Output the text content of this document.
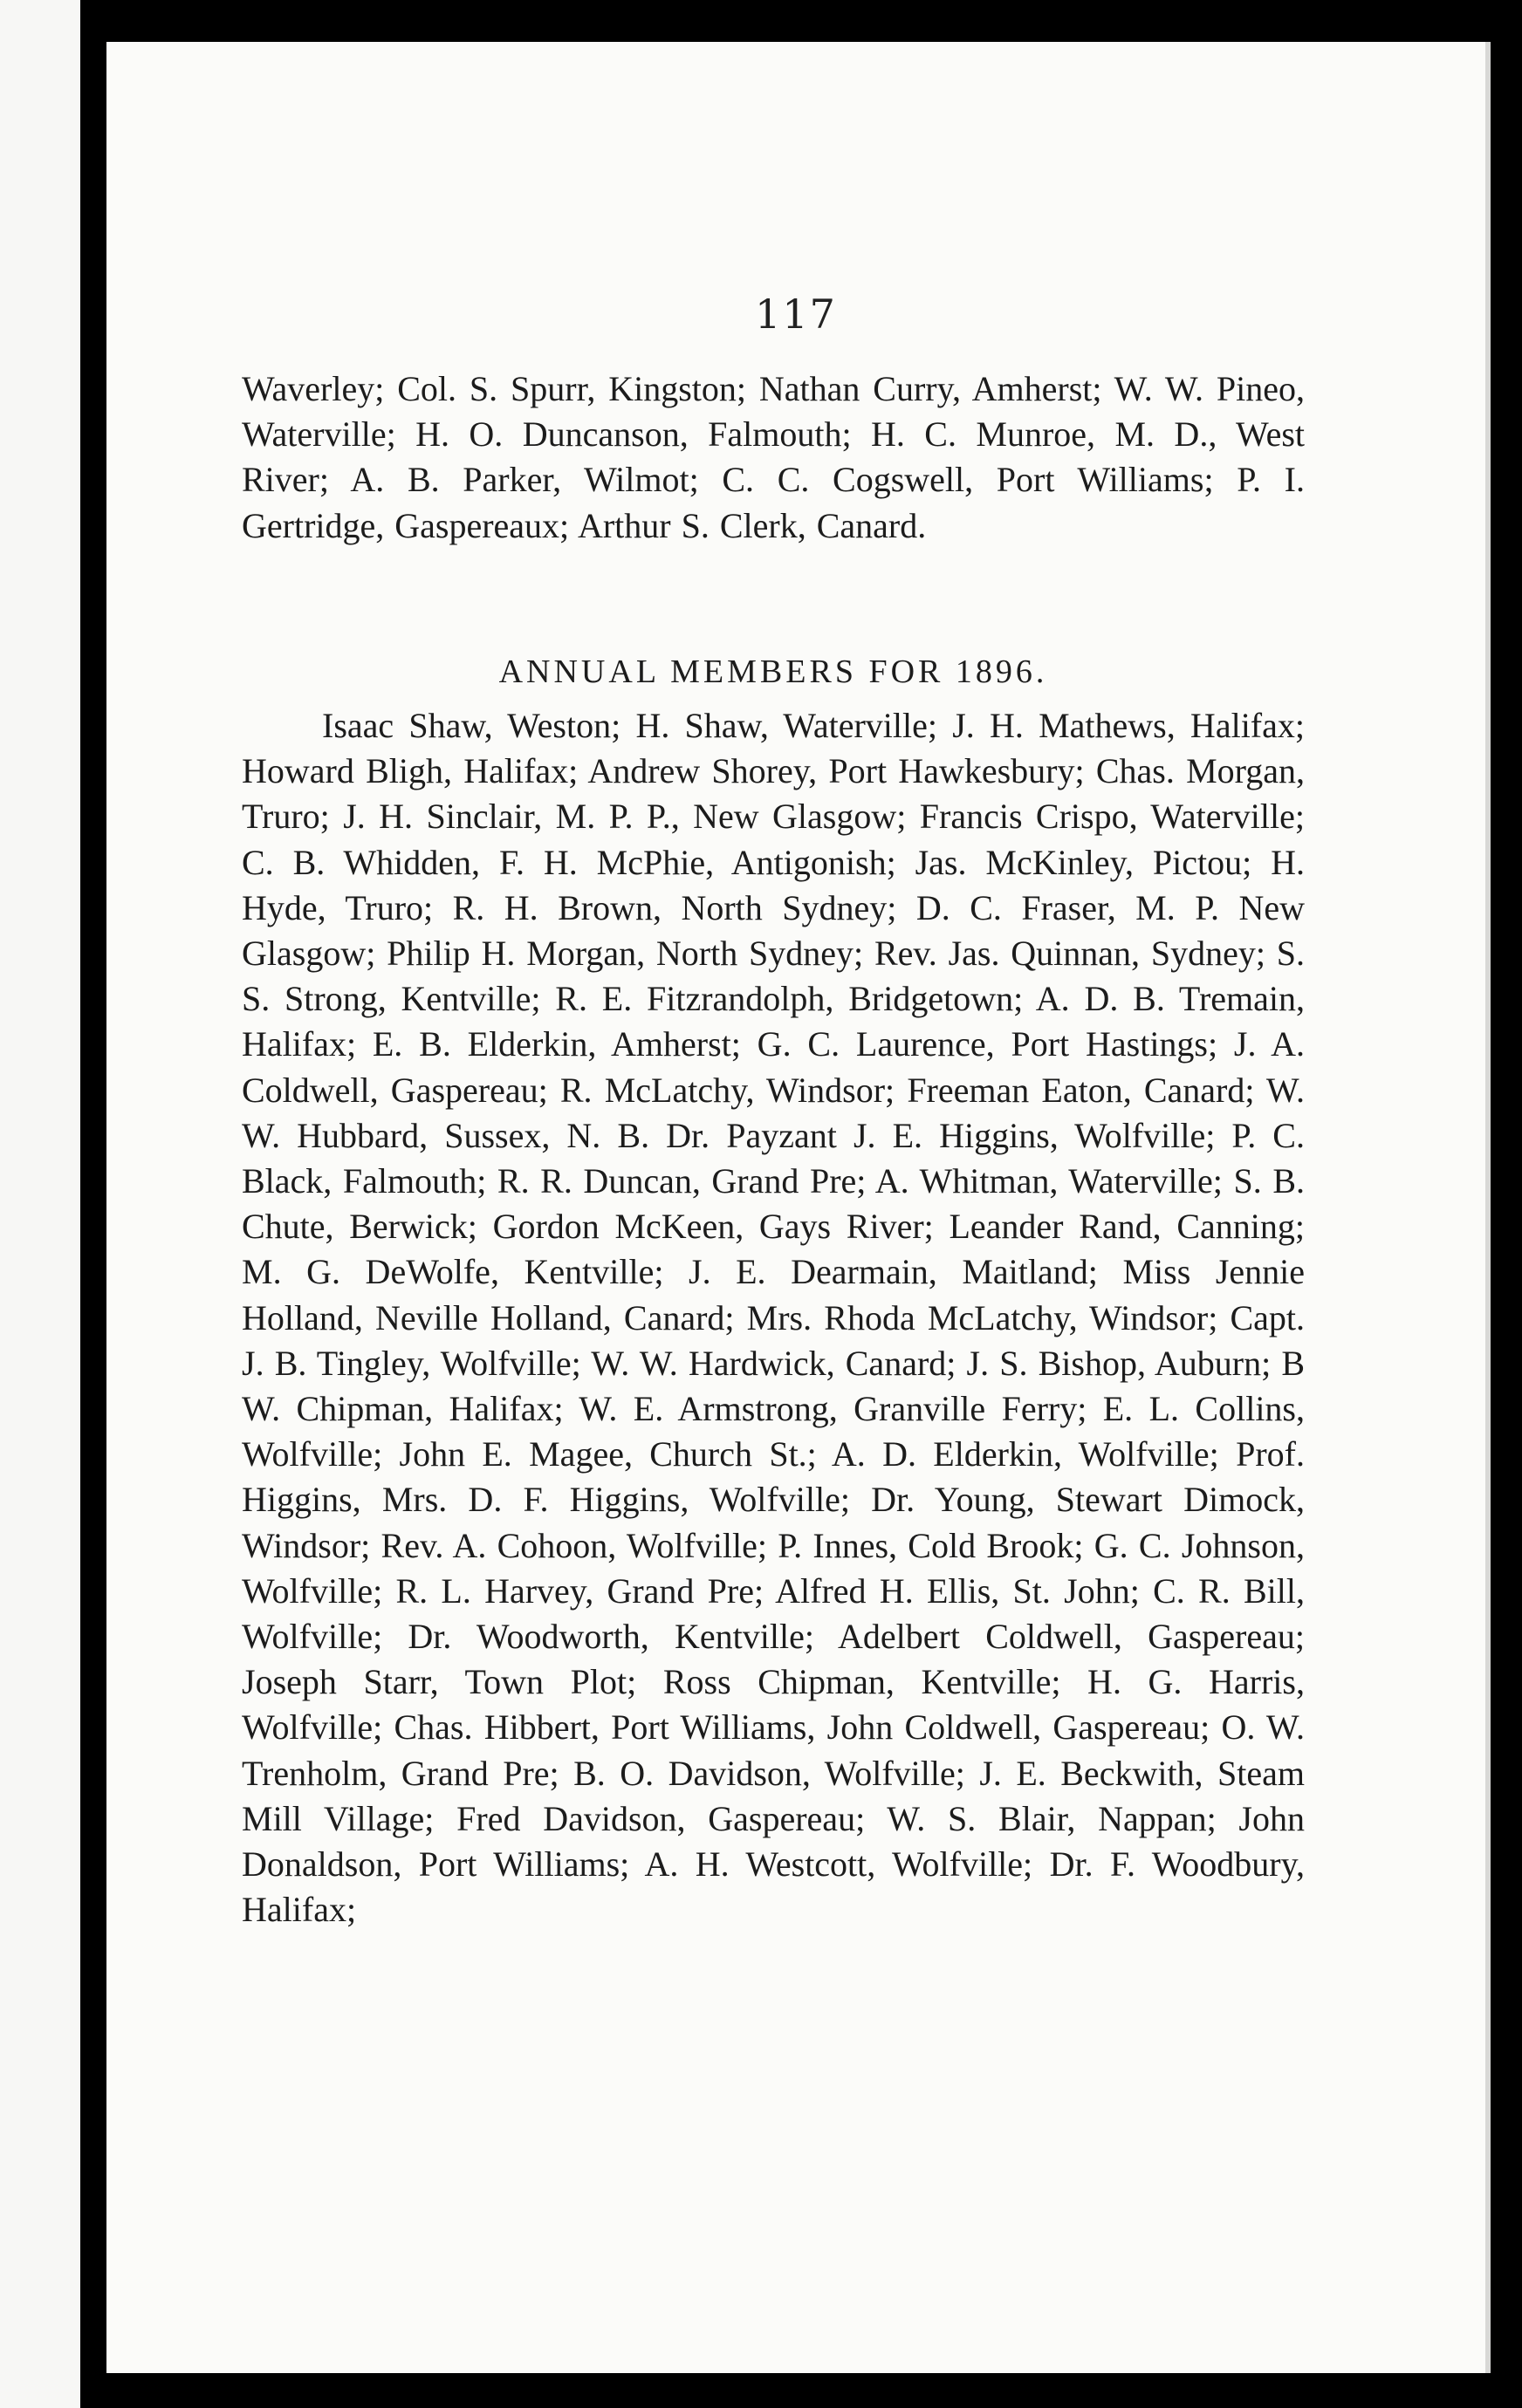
117
Waverley; Col. S. Spurr, Kingston; Nathan Curry, Amherst; W. W. Pineo, Waterville; H. O. Duncanson, Falmouth; H. C. Munroe, M. D., West River; A. B. Parker, Wilmot; C. C. Cogswell, Port Williams; P. I. Gertridge, Gaspereaux; Arthur S. Clerk, Canard.
ANNUAL MEMBERS FOR 1896.
Isaac Shaw, Weston; H. Shaw, Waterville; J. H. Mathews, Halifax; Howard Bligh, Halifax; Andrew Shorey, Port Hawkesbury; Chas. Morgan, Truro; J. H. Sinclair, M. P. P., New Glasgow; Francis Crispo, Waterville; C. B. Whidden, F. H. McPhie, Antigonish; Jas. McKinley, Pictou; H. Hyde, Truro; R. H. Brown, North Sydney; D. C. Fraser, M. P. New Glasgow; Philip H. Morgan, North Sydney; Rev. Jas. Quinnan, Sydney; S. S. Strong, Kentville; R. E. Fitzrandolph, Bridgetown; A. D. B. Tremain, Halifax; E. B. Elderkin, Amherst; G. C. Laurence, Port Hastings; J. A. Coldwell, Gaspereau; R. McLatchy, Windsor; Freeman Eaton, Canard; W. W. Hubbard, Sussex, N. B. Dr. Payzant J. E. Higgins, Wolfville; P. C. Black, Falmouth; R. R. Duncan, Grand Pre; A. Whitman, Waterville; S. B. Chute, Berwick; Gordon McKeen, Gays River; Leander Rand, Canning; M. G. DeWolfe, Kentville; J. E. Dearmain, Maitland; Miss Jennie Holland, Neville Holland, Canard; Mrs. Rhoda McLatchy, Windsor; Capt. J. B. Tingley, Wolfville; W. W. Hardwick, Canard; J. S. Bishop, Auburn; B W. Chipman, Halifax; W. E. Armstrong, Granville Ferry; E. L. Collins, Wolfville; John E. Magee, Church St.; A. D. Elderkin, Wolfville; Prof. Higgins, Mrs. D. F. Higgins, Wolfville; Dr. Young, Stewart Dimock, Windsor; Rev. A. Cohoon, Wolfville; P. Innes, Cold Brook; G. C. Johnson, Wolfville; R. L. Harvey, Grand Pre; Alfred H. Ellis, St. John; C. R. Bill, Wolfville; Dr. Woodworth, Kentville; Adelbert Coldwell, Gaspereau; Joseph Starr, Town Plot; Ross Chipman, Kentville; H. G. Harris, Wolfville; Chas. Hibbert, Port Williams, John Coldwell, Gaspereau; O. W. Trenholm, Grand Pre; B. O. Davidson, Wolfville; J. E. Beckwith, Steam Mill Village; Fred Davidson, Gaspereau; W. S. Blair, Nappan; John Donaldson, Port Williams; A. H. Westcott, Wolfville; Dr. F. Woodbury, Halifax;
